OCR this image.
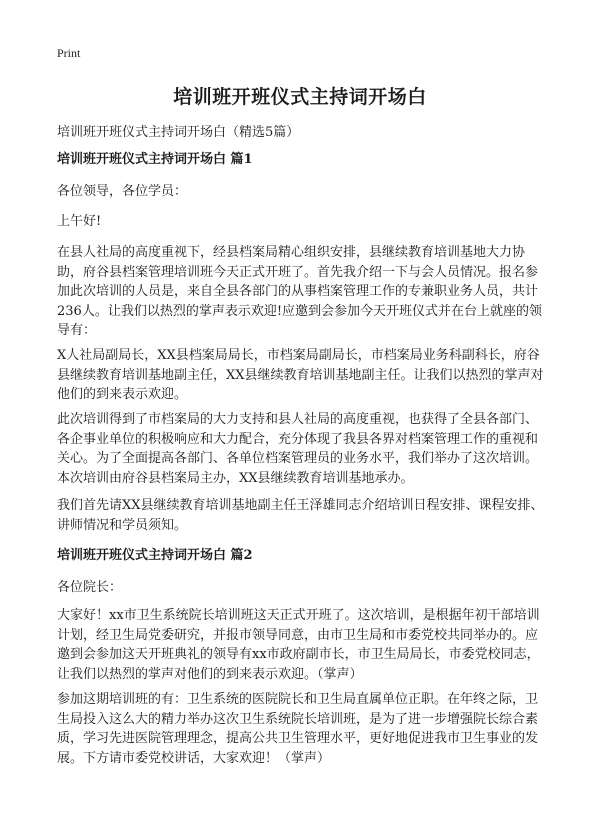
Print
培训班开班仪式主持词开场白
培训班开班仪式主持词开场白（精选5篇）
培训班开班仪式主持词开场白 篇1
各位领导，各位学员：
上午好!
在县人社局的高度重视下，经县档案局精心组织安排，县继续教育培训基地大力协助，府谷县档案管理培训班今天正式开班了。首先我介绍一下与会人员情况。报名参加此次培训的人员是，来自全县各部门的从事档案管理工作的专兼职业务人员，共计236人。让我们以热烈的掌声表示欢迎!应邀到会参加今天开班仪式并在台上就座的领导有：
X人社局副局长，XX县档案局局长，市档案局副局长，市档案局业务科副科长，府谷县继续教育培训基地副主任，XX县继续教育培训基地副主任。让我们以热烈的掌声对他们的到来表示欢迎。
此次培训得到了市档案局的大力支持和县人社局的高度重视，也获得了全县各部门、各企事业单位的积极响应和大力配合，充分体现了我县各界对档案管理工作的重视和关心。为了全面提高各部门、各单位档案管理员的业务水平，我们举办了这次培训。本次培训由府谷县档案局主办，XX县继续教育培训基地承办。
我们首先请XX县继续教育培训基地副主任王泽雄同志介绍培训日程安排、课程安排、讲师情况和学员须知。
培训班开班仪式主持词开场白 篇2
各位院长：
大家好！xx市卫生系统院长培训班这天正式开班了。这次培训，是根据年初干部培训计划，经卫生局党委研究，并报市领导同意，由市卫生局和市委党校共同举办的。应邀到会参加这天开班典礼的领导有xx市政府副市长，市卫生局局长，市委党校同志，让我们以热烈的掌声对他们的到来表示欢迎。（掌声）
参加这期培训班的有：卫生系统的医院院长和卫生局直属单位正职。在年终之际，卫生局投入这么大的精力举办这次卫生系统院长培训班，是为了进一步增强院长综合素质，学习先进医院管理理念，提高公共卫生管理水平，更好地促进我市卫生事业的发展。下方请市委党校讲话，大家欢迎！（掌声）
